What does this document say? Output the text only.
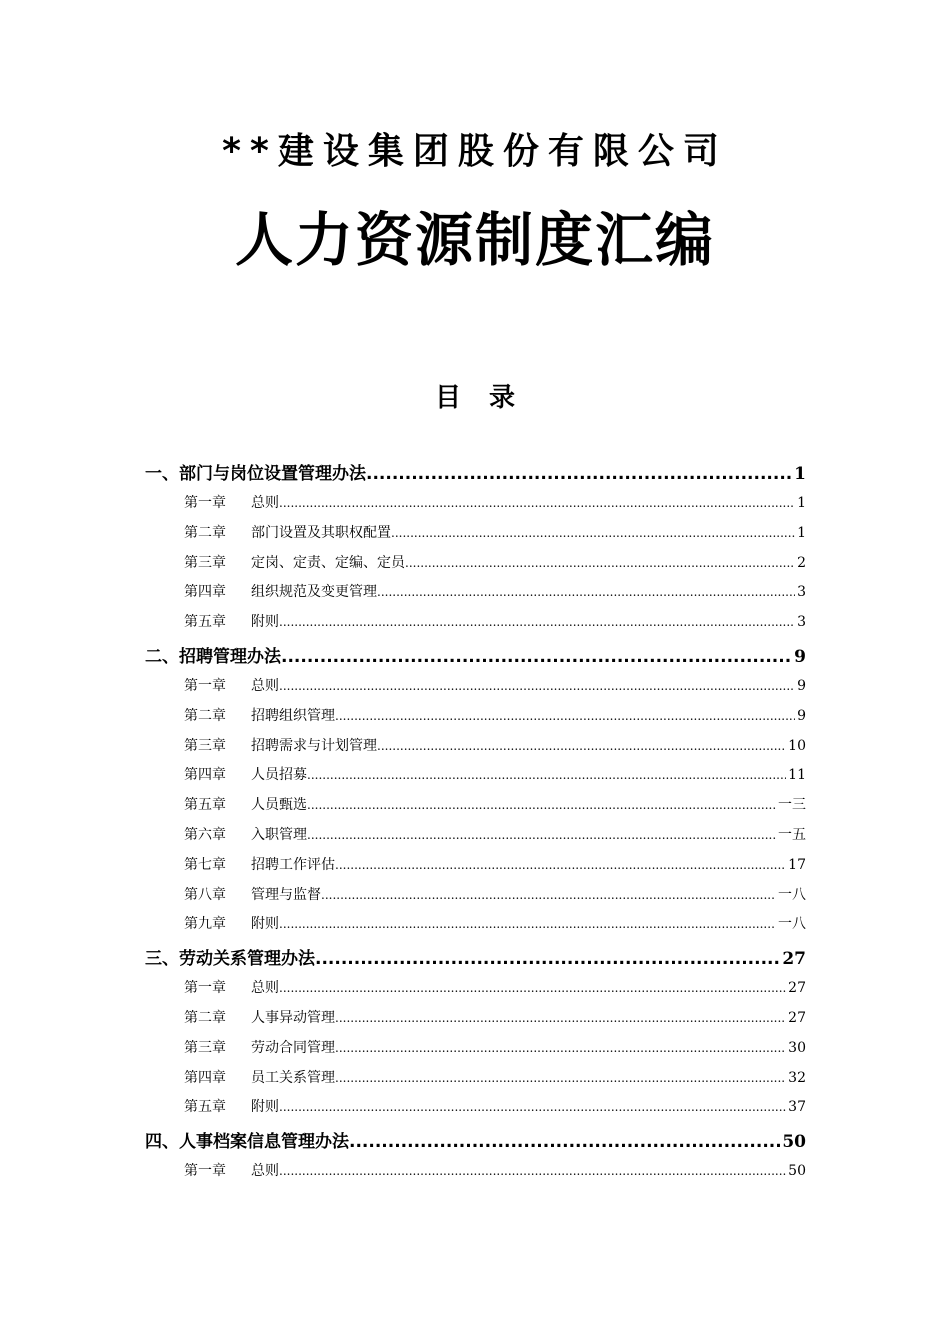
**建设集团股份有限公司
人力资源制度汇编
目 录
一、部门与岗位设置管理办法 .....	1
第一章 总则 .....	1
第二章 部门设置及其职权配置 .....	1
第三章 定岗、定责、定编、定员 .....	2
第四章 组织规范及变更管理 .....	3
第五章 附则 .....	3
二、招聘管理办法 .....	9
第一章 总则 .....	9
第二章 招聘组织管理 .....	9
第三章 招聘需求与计划管理 .....	10
第四章 人员招募 .....	11
第五章 人员甄选 .....	一三
第六章 入职管理 .....	一五
第七章 招聘工作评估 .....	17
第八章 管理与监督 .....	一八
第九章 附则 .....	一八
三、劳动关系管理办法 .....	27
第一章 总则 .....	27
第二章 人事异动管理 .....	27
第三章 劳动合同管理 .....	30
第四章 员工关系管理 .....	32
第五章 附则 .....	37
四、人事档案信息管理办法 .....	50
第一章 总则 .....	50
